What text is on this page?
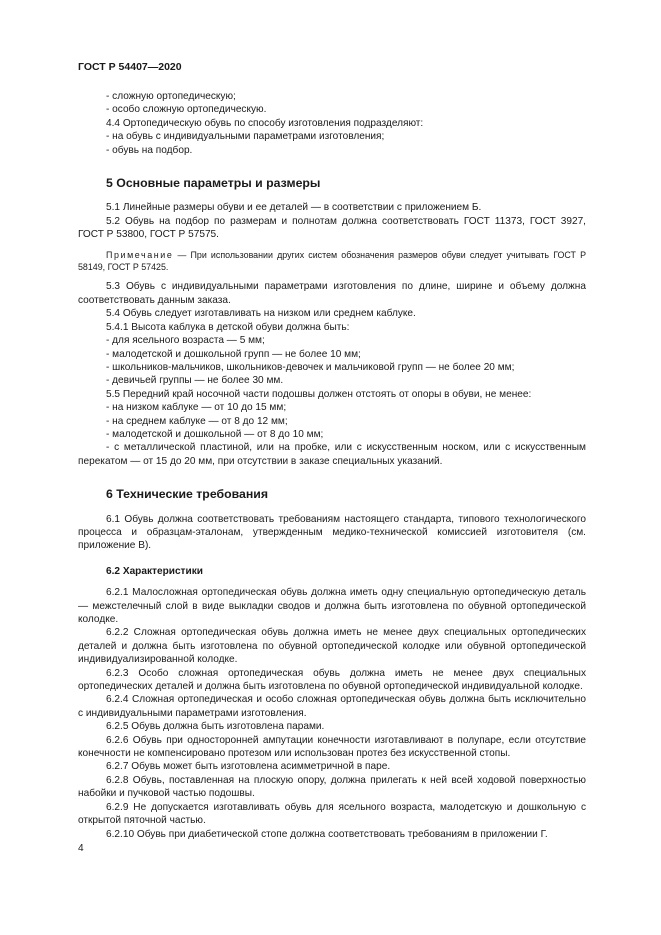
ГОСТ Р 54407—2020

- сложную ортопедическую;

- особо сложную ортопедическую.

4.4 Ортопедическую обувь по способу изготовления подразделяют:

- на обувь с индивидуальными параметрами изготовления;

- обувь на подбор.

5 Основные параметры и размеры

5.1 Линейные размеры обуви и ее деталей — в соответствии с приложением Б.

5.2 Обувь на подбор по размерам и полнотам должна соответствовать ГОСТ 11373, ГОСТ 3927, ГОСТ Р 53800, ГОСТ Р 57575.

Примечание — При использовании других систем обозначения размеров обуви следует учитывать ГОСТ Р 58149, ГОСТ Р 57425.

5.3 Обувь с индивидуальными параметрами изготовления по длине, ширине и объему должна соответствовать данным заказа.

5.4 Обувь следует изготавливать на низком или среднем каблуке.

5.4.1 Высота каблука в детской обуви должна быть:

- для ясельного возраста — 5 мм;

- малодетской и дошкольной групп — не более 10 мм;

- школьников-мальчиков, школьников-девочек и мальчиковой групп — не более 20 мм;

- девичьей группы — не более 30 мм.

5.5 Передний край носочной части подошвы должен отстоять от опоры в обуви, не менее:

- на низком каблуке — от 10 до 15 мм;

- на среднем каблуке — от 8 до 12 мм;

- малодетской и дошкольной — от 8 до 10 мм;

- с металлической пластиной, или на пробке, или с искусственным носком, или с искусственным перекатом — от 15 до 20 мм, при отсутствии в заказе специальных указаний.

6 Технические требования

6.1 Обувь должна соответствовать требованиям настоящего стандарта, типового технологического процесса и образцам-эталонам, утвержденным медико-технической комиссией изготовителя (см. приложение В).

6.2 Характеристики

6.2.1 Малосложная ортопедическая обувь должна иметь одну специальную ортопедическую деталь — межстелечный слой в виде выкладки сводов и должна быть изготовлена по обувной ортопедической колодке.

6.2.2 Сложная ортопедическая обувь должна иметь не менее двух специальных ортопедических деталей и должна быть изготовлена по обувной ортопедической колодке или обувной ортопедической индивидуализированной колодке.

6.2.3 Особо сложная ортопедическая обувь должна иметь не менее двух специальных ортопедических деталей и должна быть изготовлена по обувной ортопедической индивидуальной колодке.

6.2.4 Сложная ортопедическая и особо сложная ортопедическая обувь должна быть исключительно с индивидуальными параметрами изготовления.

6.2.5 Обувь должна быть изготовлена парами.

6.2.6 Обувь при односторонней ампутации конечности изготавливают в полупаре, если отсутствие конечности не компенсировано протезом или использован протез без искусственной стопы.

6.2.7 Обувь может быть изготовлена асимметричной в паре.

6.2.8 Обувь, поставленная на плоскую опору, должна прилегать к ней всей ходовой поверхностью набойки и пучковой частью подошвы.

6.2.9 Не допускается изготавливать обувь для ясельного возраста, малодетскую и дошкольную с открытой пяточной частью.

6.2.10 Обувь при диабетической стопе должна соответствовать требованиям в приложении Г.

4
